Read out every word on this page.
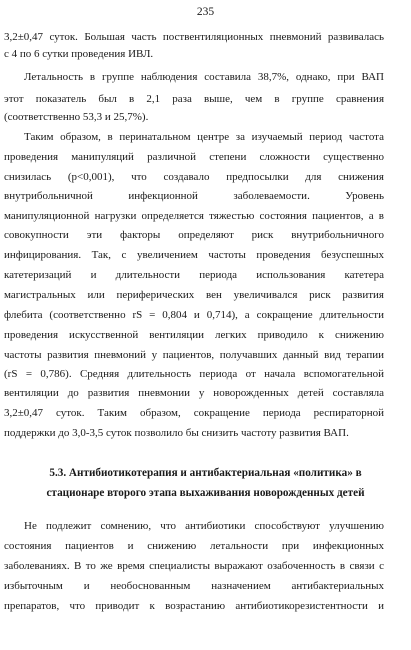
235
3,2±0,47 суток. Большая часть поствентиляционных пневмоний развивалась
с 4 по 6 сутки проведения ИВЛ.
Летальность в группе наблюдения составила 38,7%, однако, при ВАП
этот показатель был в 2,1 раза выше, чем в группе сравнения
(соответственно 53,3 и 25,7%).
Таким образом, в перинатальном центре за изучаемый период частота
проведения манипуляций различной степени сложности существенно
снизилась (р<0,001), что создавало предпосылки для снижения
внутрибольничной инфекционной заболеваемости. Уровень
манипуляционной нагрузки определяется тяжестью состояния пациентов, а в
совокупности эти факторы определяют риск внутрибольничного
инфицирования. Так, с увеличением частоты проведения безуспешных
катетеризаций и длительности периода использования катетера
магистральных или периферических вен увеличивался риск развития
флебита (соответственно rS = 0,804 и 0,714), а сокращение длительности
проведения искусственной вентиляции легких приводило к снижению
частоты развития пневмоний у пациентов, получавших данный вид терапии
(rS = 0,786). Средняя длительность периода от начала вспомогательной
вентиляции до развития пневмонии у новорожденных детей составляла
3,2±0,47 суток. Таким образом, сокращение периода респираторной
поддержки до 3,0-3,5 суток позволило бы снизить частоту развития ВАП.
5.3. Антибиотикотерапия и антибактериальная «политика» в
стационаре второго этапа выхаживания новорожденных детей
Не подлежит сомнению, что антибиотики способствуют улучшению
состояния пациентов и снижению летальности при инфекционных
заболеваниях. В то же время специалисты выражают озабоченность в связи с
избыточным и необоснованным назначением антибактериальных
препаратов, что приводит к возрастанию антибиотикорезистентности и
